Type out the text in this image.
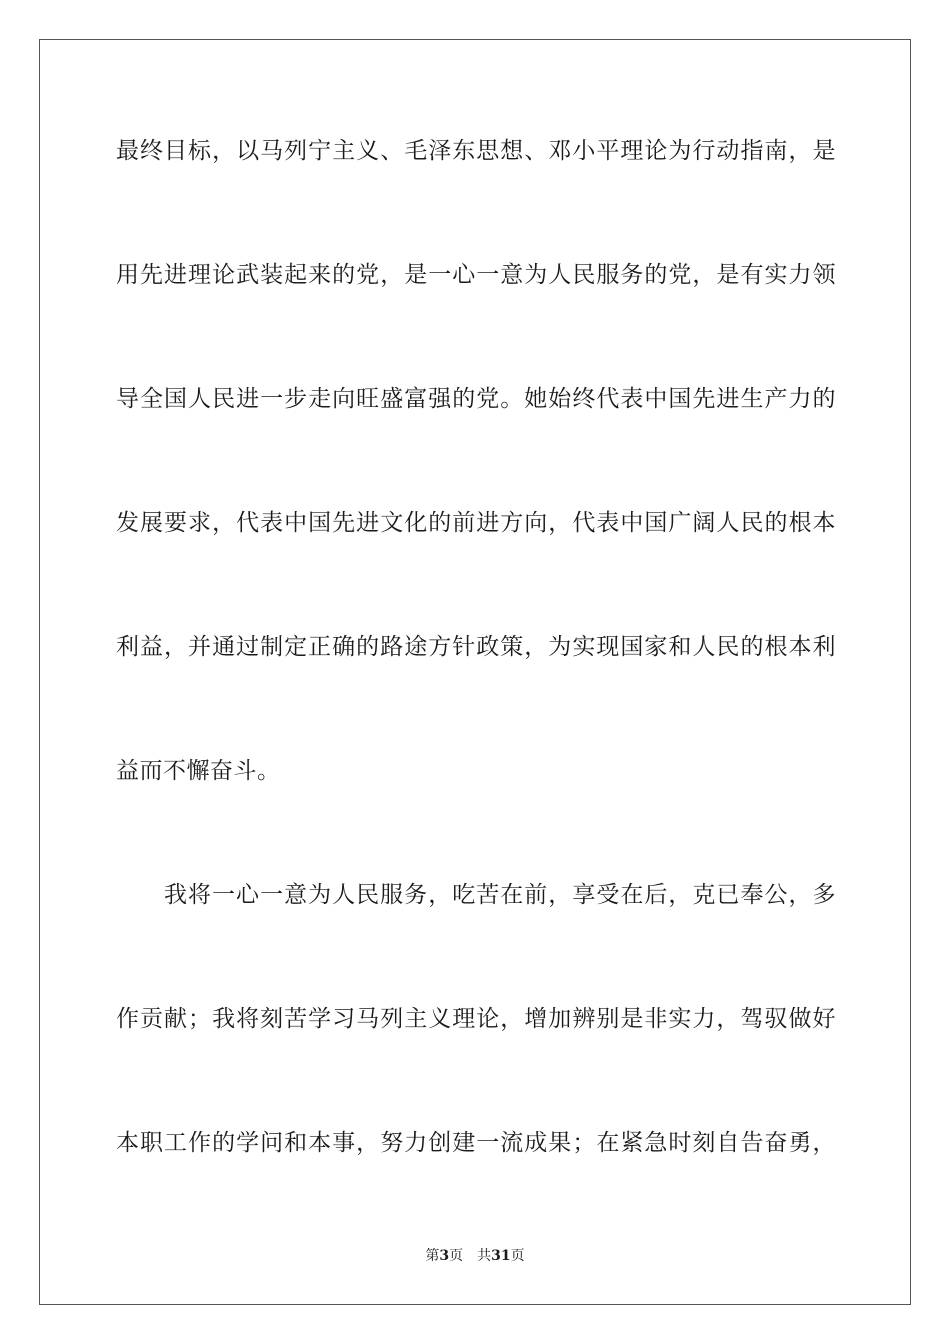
最终目标，以马列宁主义、毛泽东思想、邓小平理论为行动指南，是
用先进理论武装起来的党，是一心一意为人民服务的党，是有实力领
导全国人民进一步走向旺盛富强的党。她始终代表中国先进生产力的
发展要求，代表中国先进文化的前进方向，代表中国广阔人民的根本
利益，并通过制定正确的路途方针政策，为实现国家和人民的根本利
益而不懈奋斗。
我将一心一意为人民服务，吃苦在前，享受在后，克已奉公，多
作贡献；我将刻苦学习马列主义理论，增加辨别是非实力，驾驭做好
本职工作的学问和本事，努力创建一流成果；在紧急时刻自告奋勇，
第3页 共31页
